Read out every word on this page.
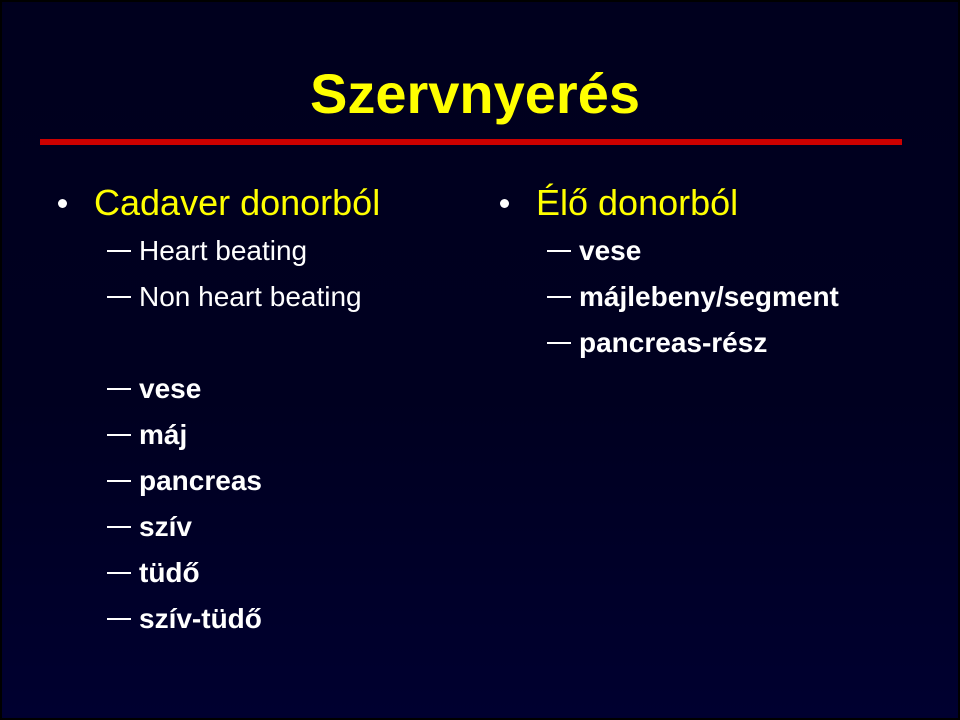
Szervnyerés
Cadaver donorból
Heart beating
Non heart beating
vese
máj
pancreas
szív
tüdő
szív-tüdő
Élő donorból
vese
májlebeny/segment
pancreas-rész
